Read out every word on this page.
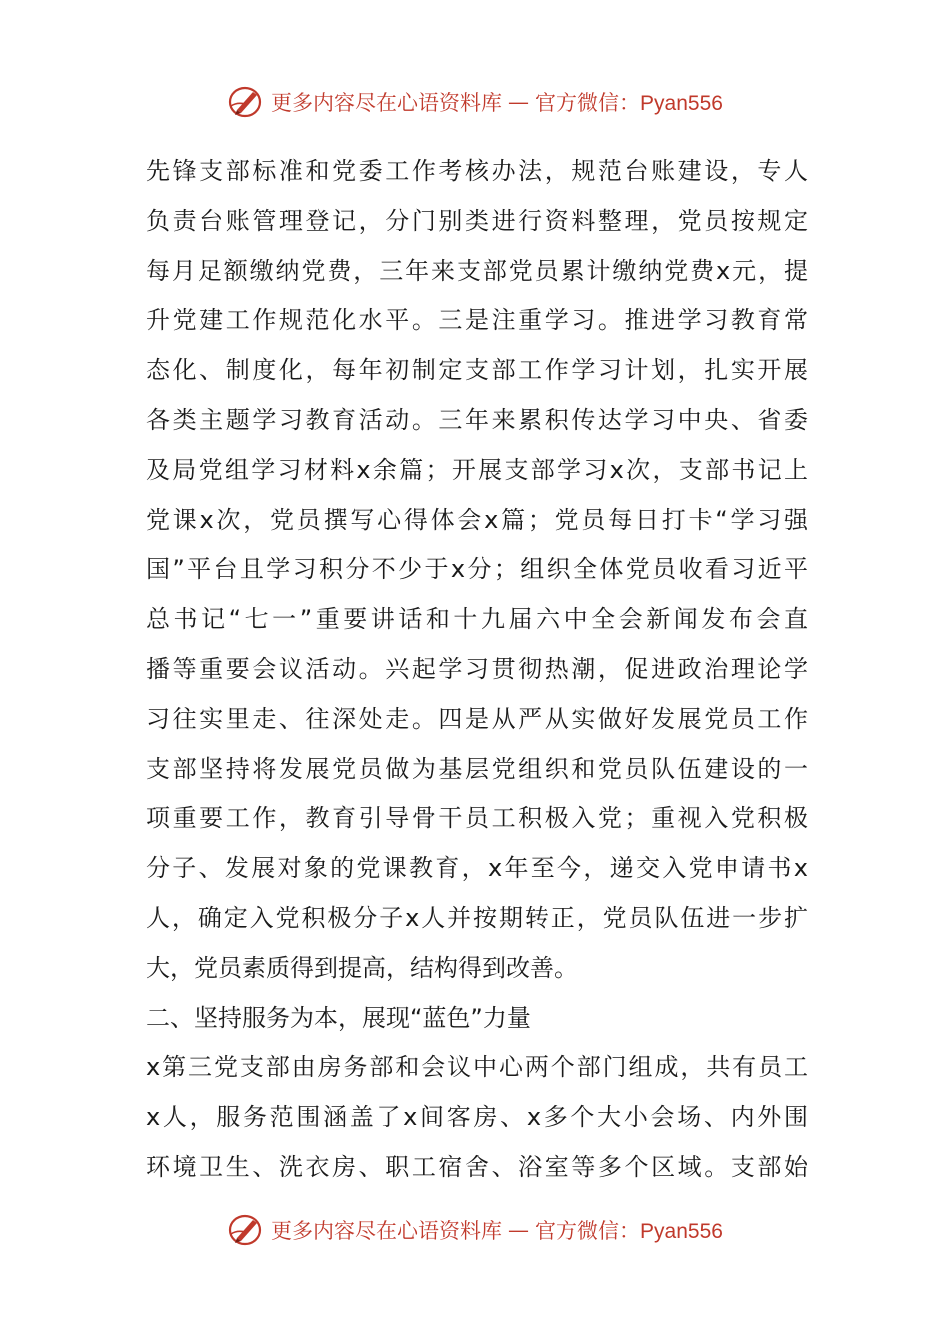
更多内容尽在心语资料库 — 官方微信：Pyan556
先锋支部标准和党委工作考核办法，规范台账建设，专人
负责台账管理登记，分门别类进行资料整理，党员按规定
每月足额缴纳党费，三年来支部党员累计缴纳党费x元，提
升党建工作规范化水平。三是注重学习。推进学习教育常
态化、制度化，每年初制定支部工作学习计划，扎实开展
各类主题学习教育活动。三年来累积传达学习中央、省委
及局党组学习材料x余篇；开展支部学习x次，支部书记上
党课x次，党员撰写心得体会x篇；党员每日打卡“学习强
国”平台且学习积分不少于x分；组织全体党员收看习近平
总书记“七一”重要讲话和十九届六中全会新闻发布会直
播等重要会议活动。兴起学习贯彻热潮，促进政治理论学
习往实里走、往深处走。四是从严从实做好发展党员工作
支部坚持将发展党员做为基层党组织和党员队伍建设的一
项重要工作，教育引导骨干员工积极入党；重视入党积极
分子、发展对象的党课教育，x年至今，递交入党申请书x
人，确定入党积极分子x人并按期转正，党员队伍进一步扩
大，党员素质得到提高，结构得到改善。
二、坚持服务为本，展现“蓝色”力量
x第三党支部由房务部和会议中心两个部门组成，共有员工
x人，服务范围涵盖了x间客房、x多个大小会场、内外围
环境卫生、洗衣房、职工宿舍、浴室等多个区域。支部始
更多内容尽在心语资料库 — 官方微信：Pyan556
